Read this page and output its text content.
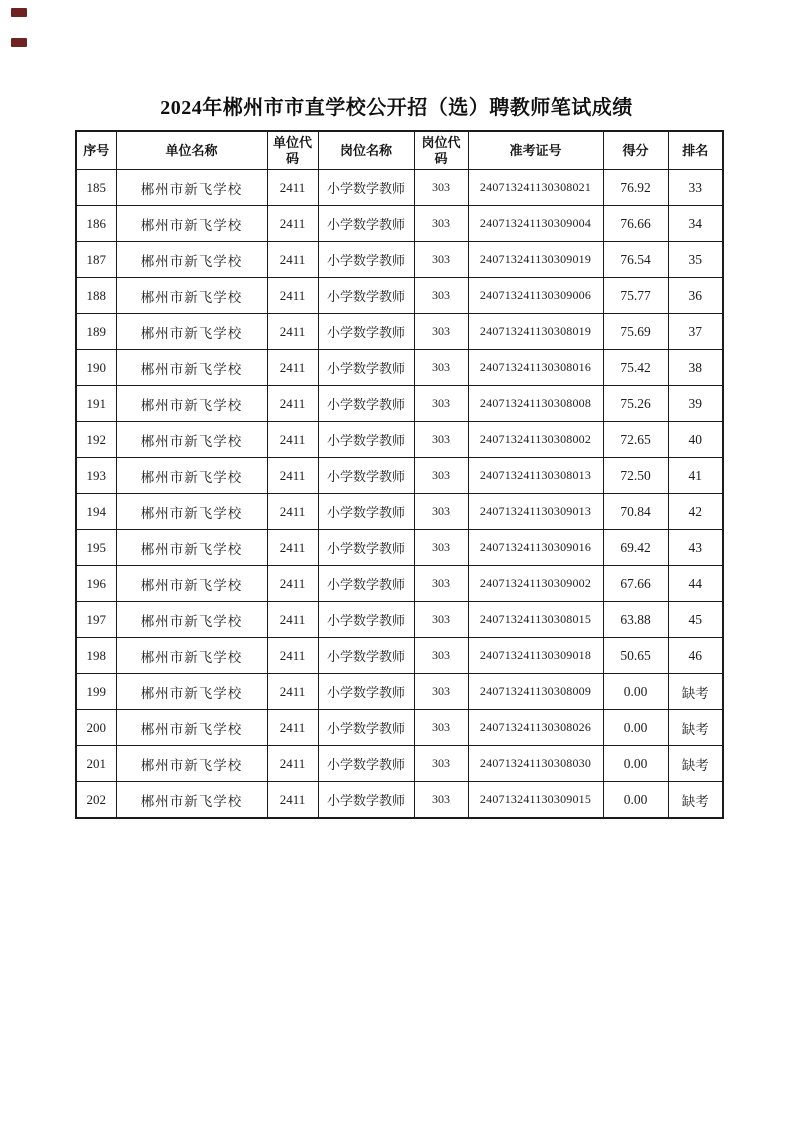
2024年郴州市市直学校公开招（选）聘教师笔试成绩
序号	单位名称	单位代码	岗位名称	岗位代码	准考证号	得分	排名
185	郴州市新飞学校	2411	小学数学教师	303	240713241130308021	76.92	33
186	郴州市新飞学校	2411	小学数学教师	303	240713241130309004	76.66	34
187	郴州市新飞学校	2411	小学数学教师	303	240713241130309019	76.54	35
188	郴州市新飞学校	2411	小学数学教师	303	240713241130309006	75.77	36
189	郴州市新飞学校	2411	小学数学教师	303	240713241130308019	75.69	37
190	郴州市新飞学校	2411	小学数学教师	303	240713241130308016	75.42	38
191	郴州市新飞学校	2411	小学数学教师	303	240713241130308008	75.26	39
192	郴州市新飞学校	2411	小学数学教师	303	240713241130308002	72.65	40
193	郴州市新飞学校	2411	小学数学教师	303	240713241130308013	72.50	41
194	郴州市新飞学校	2411	小学数学教师	303	240713241130309013	70.84	42
195	郴州市新飞学校	2411	小学数学教师	303	240713241130309016	69.42	43
196	郴州市新飞学校	2411	小学数学教师	303	240713241130309002	67.66	44
197	郴州市新飞学校	2411	小学数学教师	303	240713241130308015	63.88	45
198	郴州市新飞学校	2411	小学数学教师	303	240713241130309018	50.65	46
199	郴州市新飞学校	2411	小学数学教师	303	240713241130308009	0.00	缺考
200	郴州市新飞学校	2411	小学数学教师	303	240713241130308026	0.00	缺考
201	郴州市新飞学校	2411	小学数学教师	303	240713241130308030	0.00	缺考
202	郴州市新飞学校	2411	小学数学教师	303	240713241130309015	0.00	缺考
